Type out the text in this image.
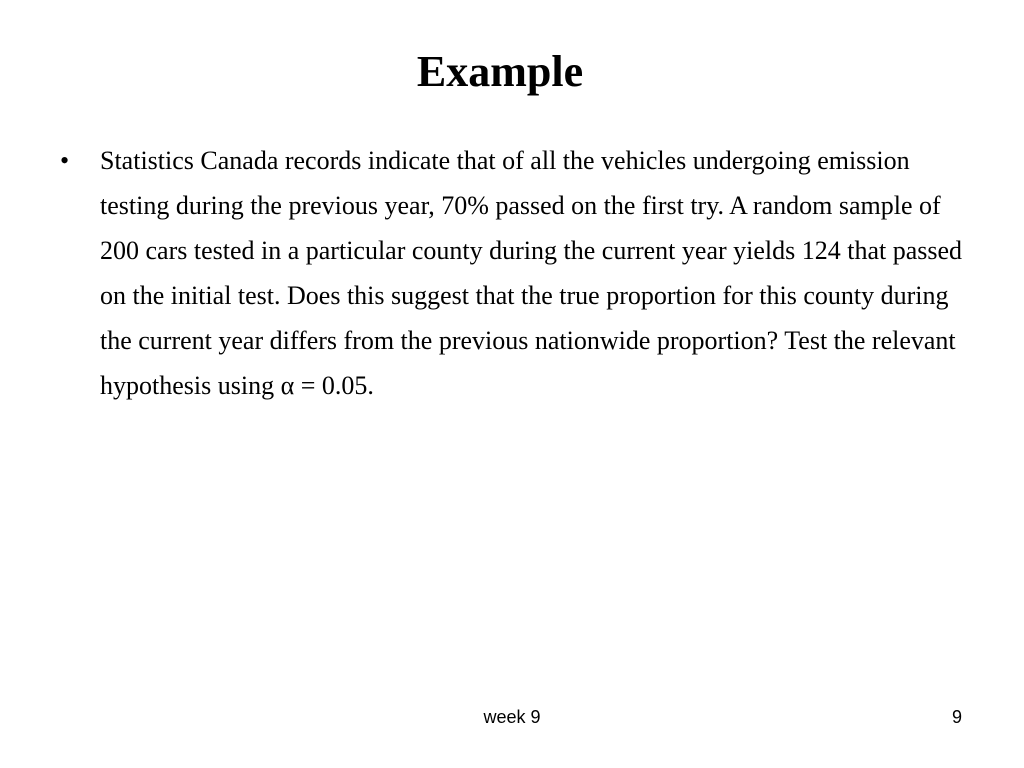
Example
•	Statistics Canada records indicate that of all the vehicles undergoing emission testing during the previous year, 70% passed on the first try. A random sample of 200 cars tested in a particular county during the current year yields 124 that passed on the initial test. Does this suggest that the true proportion for this county during the current year differs from the previous nationwide proportion? Test the relevant hypothesis using α = 0.05.

week 9	9
